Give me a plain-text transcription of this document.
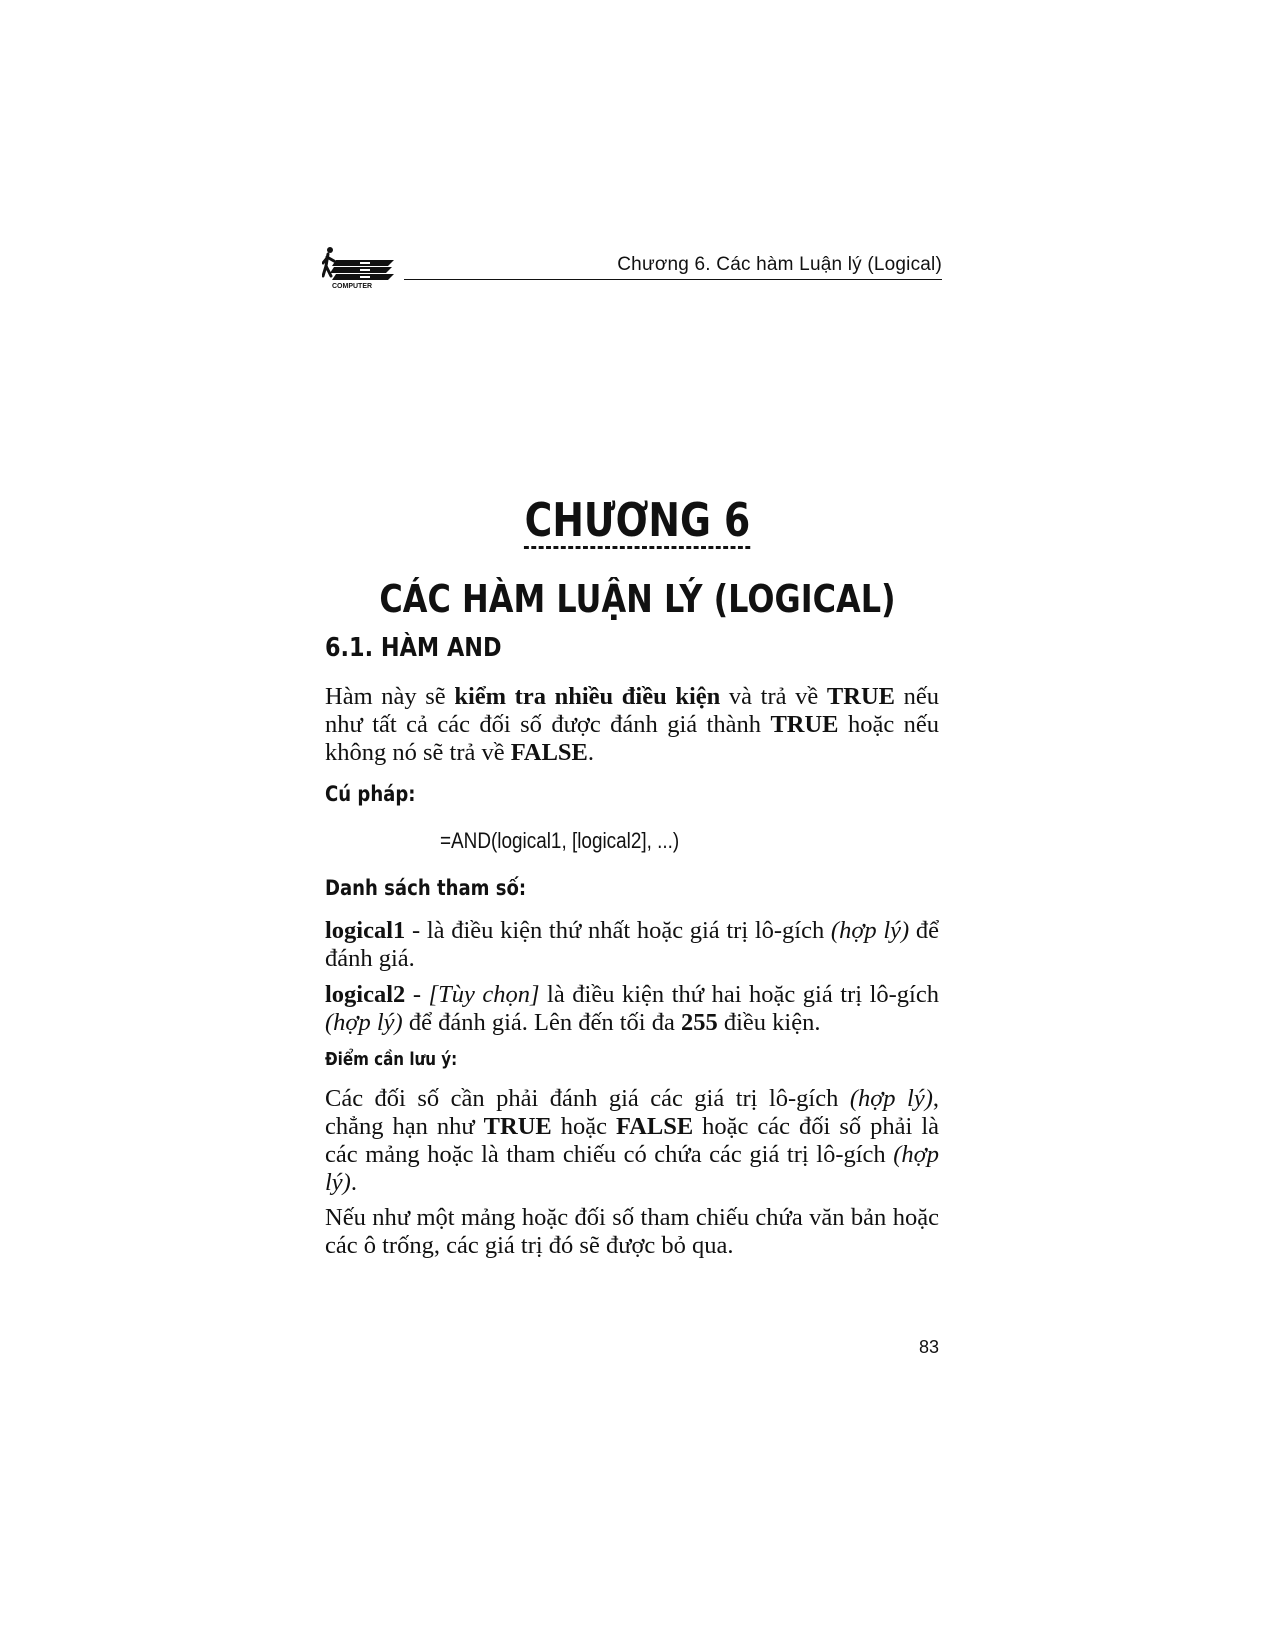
COMPUTER
Chương 6. Các hàm Luận lý (Logical)
CHƯƠNG 6
CÁC HÀM LUẬN LÝ (LOGICAL)
6.1. HÀM AND

Hàm này sẽ kiểm tra nhiều điều kiện và trả về TRUE nếu như tất cả các đối số được đánh giá thành TRUE hoặc nếu không nó sẽ trả về FALSE.

Cú pháp:
=AND(logical1, [logical2], ...)
Danh sách tham số:

logical1 - là điều kiện thứ nhất hoặc giá trị lô-gích (hợp lý) để đánh giá.

logical2 - [Tùy chọn] là điều kiện thứ hai hoặc giá trị lô-gích (hợp lý) để đánh giá. Lên đến tối đa 255 điều kiện.

Điểm cần lưu ý:

Các đối số cần phải đánh giá các giá trị lô-gích (hợp lý), chẳng hạn như TRUE hoặc FALSE hoặc các đối số phải là các mảng hoặc là tham chiếu có chứa các giá trị lô-gích (hợp lý).

Nếu như một mảng hoặc đối số tham chiếu chứa văn bản hoặc các ô trống, các giá trị đó sẽ được bỏ qua.

83
